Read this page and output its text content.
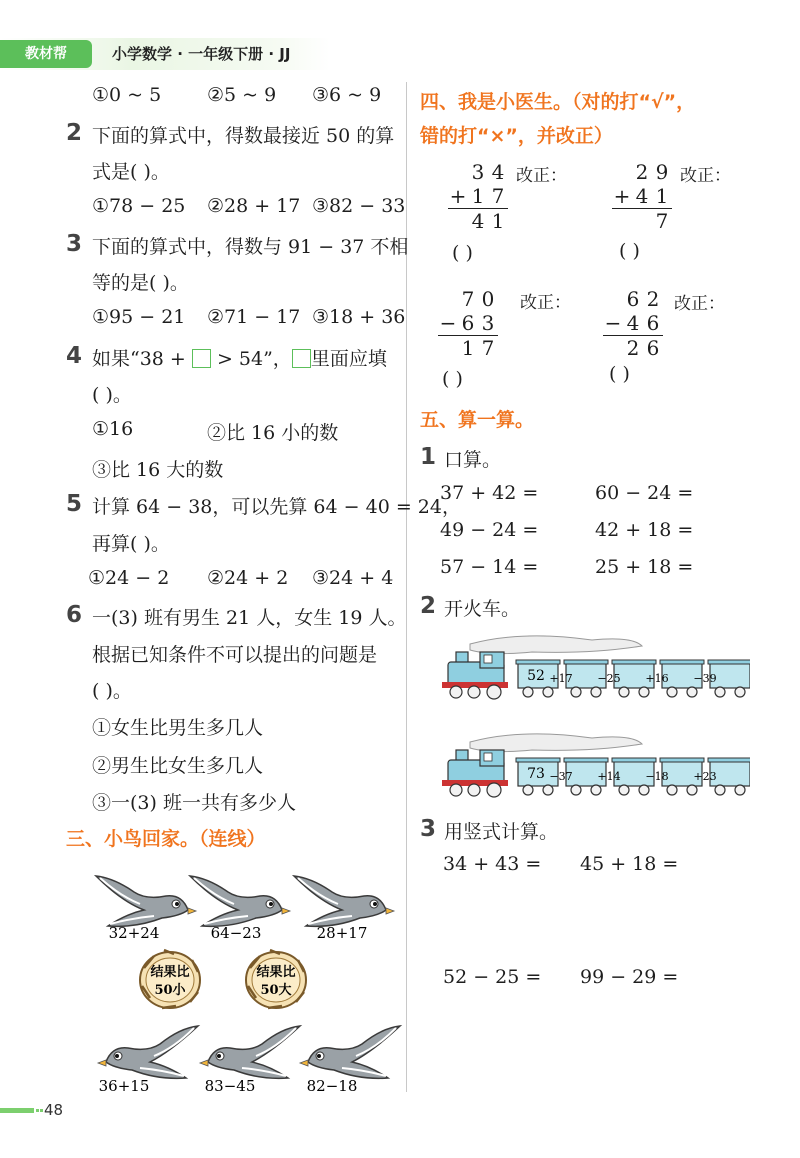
教材帮	小学数学 · 一年级下册 · JJ
①0 ~ 5 ②5 ~ 9 ③6 ~ 9
2 下面的算式中，得数最接近 50 的算
式是( )。
①78 − 25 ②28 + 17 ③82 − 33
3 下面的算式中，得数与 91 − 37 不相
等的是( )。
①95 − 21 ②71 − 17 ③18 + 36
4 如果“38 + > 54”， 里面应填
( )。
①16	②比 16 小的数
③比 16 大的数
5 计算 64 − 38，可以先算 64 − 40 = 24，
再算( )。
①24 − 2 ②24 + 2 ③24 + 4
6 一(3) 班有男生 21 人，女生 19 人。
根据已知条件不可以提出的问题是
( )。
①女生比男生多几人
②男生比女生多几人
③一(3) 班一共有多少人
三、小鸟回家。（连线）
32+24	64−23	28+17
结果比
50小
结果比
50大
36+15	83−45	82−18
48
四、我是小医生。（对的打“√”，
错的打“×”，并改正）
3 4
+ 1 7
4 1
改正：
( )
2 9
+ 4 1
7
改正：
( )
7 0
− 6 3
1 7
改正：
( )
6 2
− 4 6
2 6
改正：
( )
五、算一算。
1 口算。
37 + 42 =	60 − 24 =
49 − 24 =	42 + 18 =
57 − 14 =	25 + 18 =
2 开火车。
52 +17 −25 +16 −39
73 −37 +14 −18 +23
3 用竖式计算。
34 + 43 = 45 + 18 =
52 − 25 = 99 − 29 =
